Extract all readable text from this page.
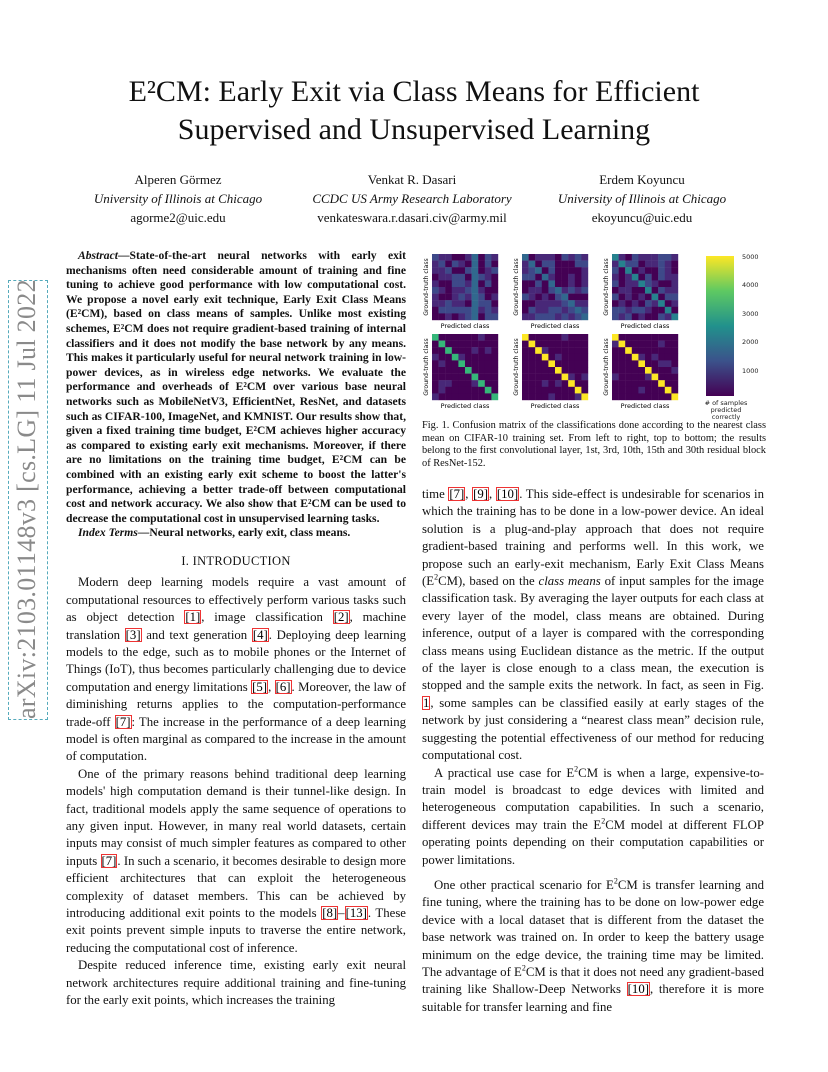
E²CM: Early Exit via Class Means for Efficient
Supervised and Unsupervised Learning
Alperen Görmez
University of Illinois at Chicago
agorme2@uic.edu
Venkat R. Dasari
CCDC US Army Research Laboratory
venkateswara.r.dasari.civ@army.mil
Erdem Koyuncu
University of Illinois at Chicago
ekoyuncu@uic.edu
arXiv:2103.01148v3 [cs.LG] 11 Jul 2022
Abstract—State-of-the-art neural networks with early exit mechanisms often need considerable amount of training and fine tuning to achieve good performance with low computational cost. We propose a novel early exit technique, Early Exit Class Means (E²CM), based on class means of samples. Unlike most existing schemes, E²CM does not require gradient-based training of internal classifiers and it does not modify the base network by any means. This makes it particularly useful for neural network training in low-power devices, as in wireless edge networks. We evaluate the performance and overheads of E²CM over various base neural networks such as MobileNetV3, EfficientNet, ResNet, and datasets such as CIFAR-100, ImageNet, and KMNIST. Our results show that, given a fixed training time budget, E²CM achieves higher accuracy as compared to existing early exit mechanisms. Moreover, if there are no limitations on the training time budget, E²CM can be combined with an existing early exit scheme to boost the latter's performance, achieving a better trade-off between computational cost and network accuracy. We also show that E²CM can be used to decrease the computational cost in unsupervised learning tasks.
Index Terms—Neural networks, early exit, class means.
I. INTRODUCTION

Modern deep learning models require a vast amount of computational resources to effectively perform various tasks such as object detection [1], image classification [2], machine translation [3] and text generation [4]. Deploying deep learning models to the edge, such as to mobile phones or the Internet of Things (IoT), thus becomes particularly challenging due to device computation and energy limitations [5], [6]. Moreover, the law of diminishing returns applies to the computation-performance trade-off [7]: The increase in the performance of a deep learning model is often marginal as compared to the increase in the amount of computation.

One of the primary reasons behind traditional deep learning models' high computation demand is their tunnel-like design. In fact, traditional models apply the same sequence of operations to any given input. However, in many real world datasets, certain inputs may consist of much simpler features as compared to other inputs [7]. In such a scenario, it becomes desirable to design more efficient architectures that can exploit the heterogeneous complexity of dataset members. This can be achieved by introducing additional exit points to the models [8]–[13]. These exit points prevent simple inputs to traverse the entire network, reducing the computational cost of inference.

Despite reduced inference time, existing early exit neural network architectures require additional training and fine-tuning for the early exit points, which increases the training

Predicted class
Ground-truth class
Predicted class
Ground-truth class
Predicted class
Ground-truth class
Predicted class
Ground-truth class
Predicted class
Ground-truth class
Predicted class
Ground-truth class
5000
4000
3000
2000
1000
# of samples predicted correctly
Fig. 1. Confusion matrix of the classifications done according to the nearest class mean on CIFAR-10 training set. From left to right, top to bottom; the results belong to the first convolutional layer, 1st, 3rd, 10th, 15th and 30th residual block of ResNet-152.

time [7], [9], [10]. This side-effect is undesirable for scenarios in which the training has to be done in a low-power device. An ideal solution is a plug-and-play approach that does not require gradient-based training and performs well. In this work, we propose such an early-exit mechanism, Early Exit Class Means $(E^2CM)$, based on the class means of input samples for the image classification task. By averaging the layer outputs for each class at every layer of the model, class means are obtained. During inference, output of a layer is compared with the corresponding class means using Euclidean distance as the metric. If the output of the layer is close enough to a class mean, the execution is stopped and the sample exits the network. In fact, as seen in Fig. 1, some samples can be classified easily at early stages of the network by just considering a “nearest class mean” decision rule, suggesting the potential effectiveness of our method for reducing computational cost.

A practical use case for $E^2CM$ is when a large, expensive-to-train model is broadcast to edge devices with limited and heterogeneous computation capabilities. In such a scenario, different devices may train the $E^2CM$ model at different FLOP operating points depending on their computation capabilities or power limitations.

One other practical scenario for $E^2CM$ is transfer learning and fine tuning, where the training has to be done on low-power edge device with a local dataset that is different from the dataset the base network was trained on. In order to keep the battery usage minimum on the edge device, the training time may be limited. The advantage of $E^2CM$ is that it does not need any gradient-based training like Shallow-Deep Networks [10], therefore it is more suitable for transfer learning and fine
